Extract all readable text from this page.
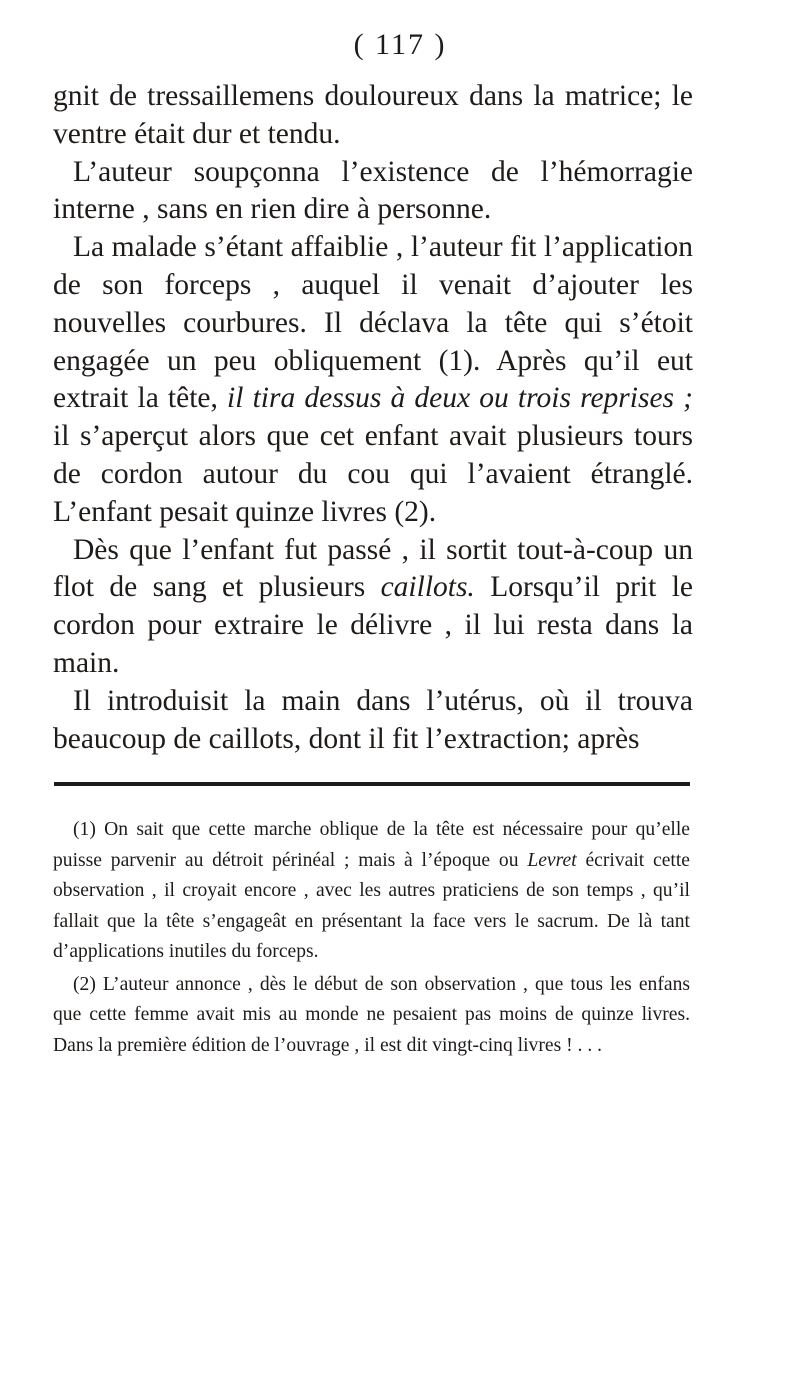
( 117 )

gnit de tressaillemens douloureux dans la matrice; le ventre était dur et tendu.

L’auteur soupçonna l’existence de l’hémorragie interne , sans en rien dire à personne.

La malade s’étant affaiblie , l’auteur fit l’application de son forceps , auquel il venait d’ajouter les nouvelles courbures. Il déclava la tête qui s’étoit engagée un peu obliquement (1). Après qu’il eut extrait la tête, il tira dessus à deux ou trois reprises ; il s’aperçut alors que cet enfant avait plusieurs tours de cordon autour du cou qui l’avaient étranglé. L’enfant pesait quinze livres (2).

Dès que l’enfant fut passé , il sortit tout-à-coup un flot de sang et plusieurs caillots. Lorsqu’il prit le cordon pour extraire le délivre , il lui resta dans la main.

Il introduisit la main dans l’utérus, où il trouva beaucoup de caillots, dont il fit l’extraction; après

(1) On sait que cette marche oblique de la tête est nécessaire pour qu’elle puisse parvenir au détroit périnéal ; mais à l’époque ou Levret écrivait cette observation , il croyait encore , avec les autres praticiens de son temps , qu’il fallait que la tête s’engageât en présentant la face vers le sacrum. De là tant d’applications inutiles du forceps.

(2) L’auteur annonce , dès le début de son observation , que tous les enfans que cette femme avait mis au monde ne pesaient pas moins de quinze livres. Dans la première édition de l’ouvrage , il est dit vingt-cinq livres ! . . .
